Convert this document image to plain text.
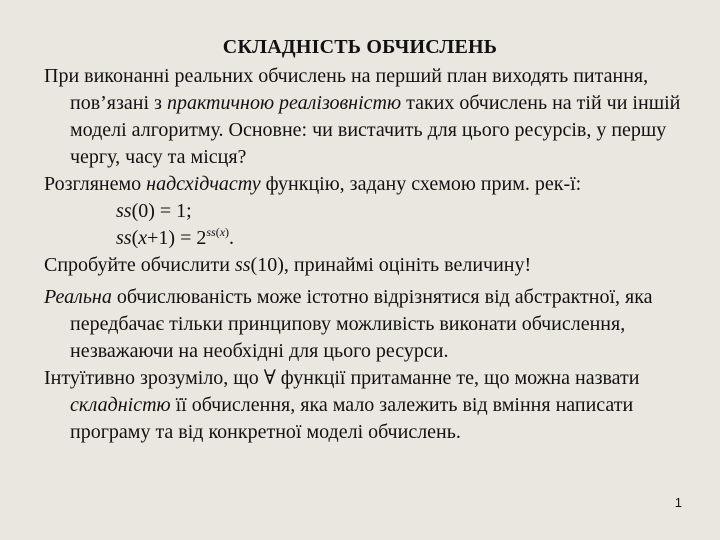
СКЛАДНІСТЬ ОБЧИСЛЕНЬ

При виконанні реальних обчислень на перший план виходять питання, пов’язані з практичною реалізовністю таких обчислень на тій чи іншій моделі алгоритму. Основне: чи вистачить для цього ресурсів, у першу чергу, часу та місця?

Розглянемо надсхідчасту функцію, задану схемою прим. рек-ї:

ss(0) = 1;

$ss(x+1) = 2^{ss(x)}$.

Спробуйте обчислити ss(10), принаймі оцініть величину!

Реальна обчислюваність може істотно відрізнятися від абстрактної, яка передбачає тільки принципову можливість виконати обчислення, незважаючи на необхідні для цього ресурси.

Інтуїтивно зрозуміло, що ∀ функції притаманне те, що можна назвати складністю її обчислення, яка мало залежить від вміння написати програму та від конкретної моделі обчислень.

1
